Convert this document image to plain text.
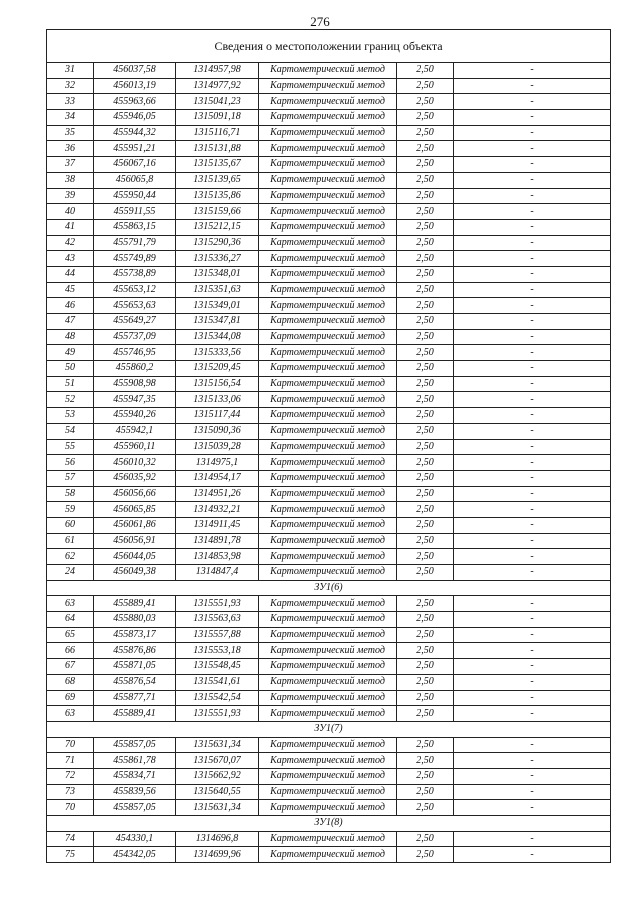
276
Сведения о местоположении границ объекта					
31	456037,58	1314957,98	Картометрический метод	2,50	-
32	456013,19	1314977,92	Картометрический метод	2,50	-
33	455963,66	1315041,23	Картометрический метод	2,50	-
34	455946,05	1315091,18	Картометрический метод	2,50	-
35	455944,32	1315116,71	Картометрический метод	2,50	-
36	455951,21	1315131,88	Картометрический метод	2,50	-
37	456067,16	1315135,67	Картометрический метод	2,50	-
38	456065,8	1315139,65	Картометрический метод	2,50	-
39	455950,44	1315135,86	Картометрический метод	2,50	-
40	455911,55	1315159,66	Картометрический метод	2,50	-
41	455863,15	1315212,15	Картометрический метод	2,50	-
42	455791,79	1315290,36	Картометрический метод	2,50	-
43	455749,89	1315336,27	Картометрический метод	2,50	-
44	455738,89	1315348,01	Картометрический метод	2,50	-
45	455653,12	1315351,63	Картометрический метод	2,50	-
46	455653,63	1315349,01	Картометрический метод	2,50	-
47	455649,27	1315347,81	Картометрический метод	2,50	-
48	455737,09	1315344,08	Картометрический метод	2,50	-
49	455746,95	1315333,56	Картометрический метод	2,50	-
50	455860,2	1315209,45	Картометрический метод	2,50	-
51	455908,98	1315156,54	Картометрический метод	2,50	-
52	455947,35	1315133,06	Картометрический метод	2,50	-
53	455940,26	1315117,44	Картометрический метод	2,50	-
54	455942,1	1315090,36	Картометрический метод	2,50	-
55	455960,11	1315039,28	Картометрический метод	2,50	-
56	456010,32	1314975,1	Картометрический метод	2,50	-
57	456035,92	1314954,17	Картометрический метод	2,50	-
58	456056,66	1314951,26	Картометрический метод	2,50	-
59	456065,85	1314932,21	Картометрический метод	2,50	-
60	456061,86	1314911,45	Картометрический метод	2,50	-
61	456056,91	1314891,78	Картометрический метод	2,50	-
62	456044,05	1314853,98	Картометрический метод	2,50	-
24	456049,38	1314847,4	Картометрический метод	2,50	-
ЗУ1(6)					
63	455889,41	1315551,93	Картометрический метод	2,50	-
64	455880,03	1315563,63	Картометрический метод	2,50	-
65	455873,17	1315557,88	Картометрический метод	2,50	-
66	455876,86	1315553,18	Картометрический метод	2,50	-
67	455871,05	1315548,45	Картометрический метод	2,50	-
68	455876,54	1315541,61	Картометрический метод	2,50	-
69	455877,71	1315542,54	Картометрический метод	2,50	-
63	455889,41	1315551,93	Картометрический метод	2,50	-
ЗУ1(7)					
70	455857,05	1315631,34	Картометрический метод	2,50	-
71	455861,78	1315670,07	Картометрический метод	2,50	-
72	455834,71	1315662,92	Картометрический метод	2,50	-
73	455839,56	1315640,55	Картометрический метод	2,50	-
70	455857,05	1315631,34	Картометрический метод	2,50	-
ЗУ1(8)					
74	454330,1	1314696,8	Картометрический метод	2,50	-
75	454342,05	1314699,96	Картометрический метод	2,50	-
